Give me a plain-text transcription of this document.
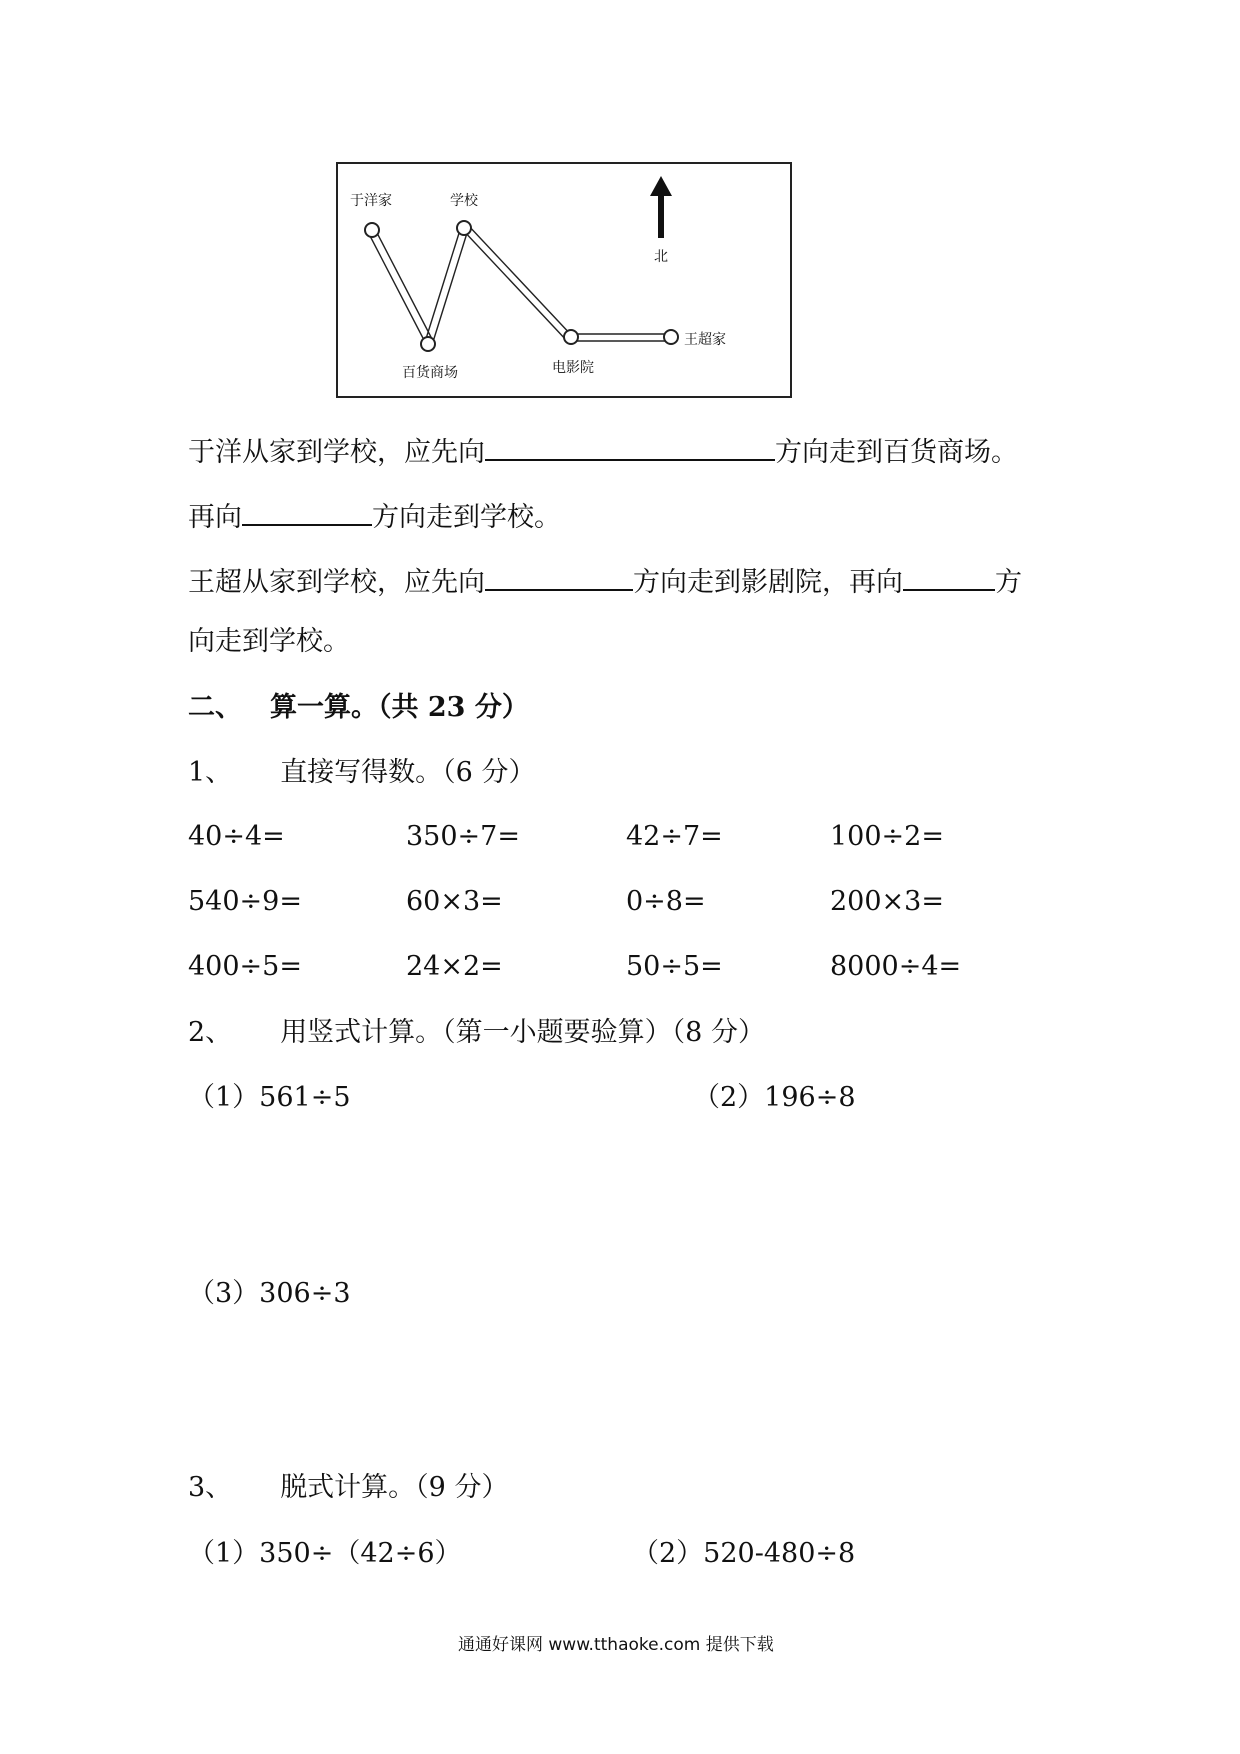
于洋家	学校
百货商场	电影院
王超家
北
于洋从家到学校，应先向	方向走到百货商场。
再向	方向走到学校。
王超从家到学校，应先向	方向走到影剧院，再向	方
向走到学校。
二、 算一算。（共 23 分）
1、 直接写得数。（6 分）
40÷4=	350÷7=	42÷7=	100÷2=
540÷9=	60×3=	0÷8=	200×3=
400÷5=	24×2=	50÷5=	8000÷4=
2、 用竖式计算。（第一小题要验算）（8 分）
（1）561÷5	（2）196÷8
（3）306÷3
3、 脱式计算。（9 分）
（1）350÷（42÷6）	（2）520-480÷8
通通好课网 www.tthaoke.com 提供下载
